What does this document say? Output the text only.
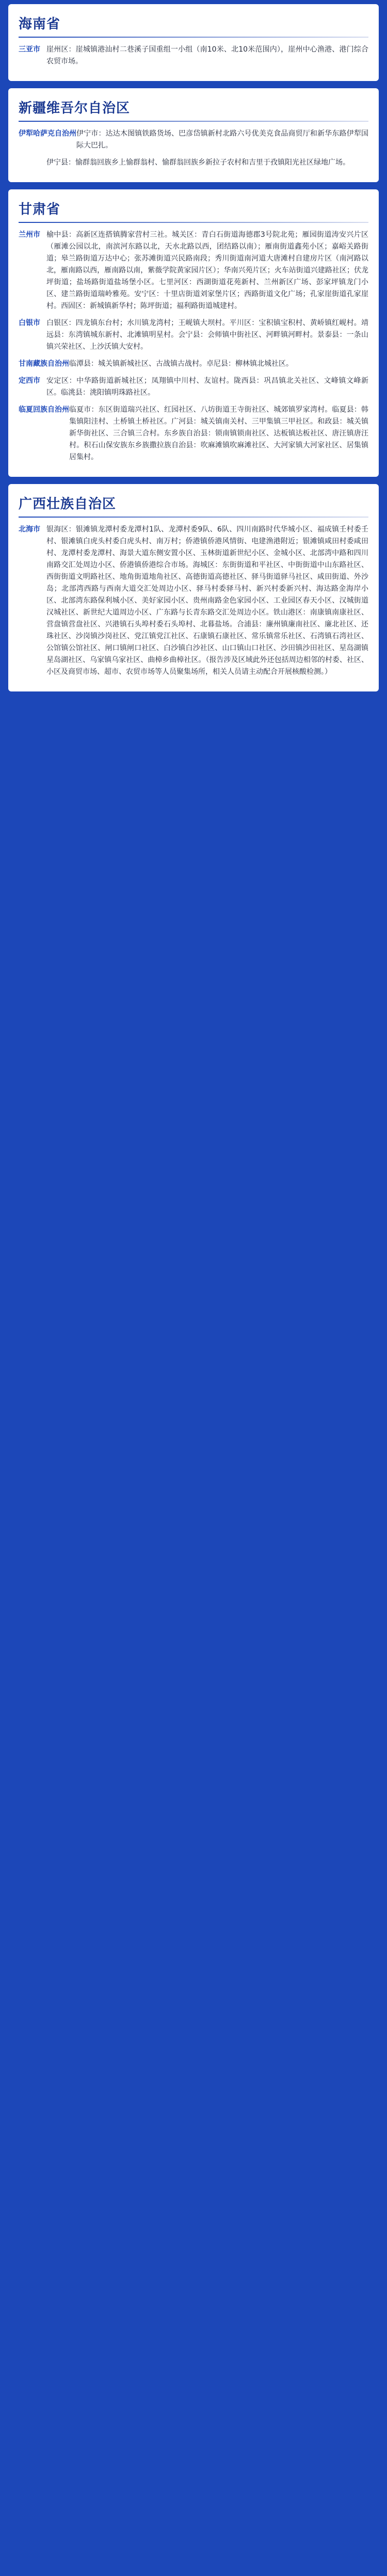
海南省
三亚市 崖州区：崖城镇港汕村二巷溪子国重组一小组（南10米、北10米范围内），崖州中心渔港、港门综合农贸市场。
新疆维吾尔自治区
伊犁哈萨克自治州 伊宁市：达达木图镇铁路货场、巴彦岱镇新村北路六号优美克食品商贸厅和新华东路伊犁国际大巴扎。
伊宁县：愉群翁回族乡上愉群翁村、愉群翁回族乡新拉子农村和吉里于孜镇阳光社区绿地广场。
甘肃省
兰州市 榆中县：高新区连搭镇腾家营村三社。城关区：青白石街道海德郡3号院北苑；雁园街道涛安兴片区（雁滩公园以北，南滨河东路以北，天水北路以西，团结路以南）；雁南街道鑫苑小区；嘉峪关路街道；皋兰路街道万达中心；张苏滩街道兴民路南段；秀川街道南河道大唐滩村自建房片区（南河路以北，雁南路以西，雁南路以南，紫薇学院黄家园片区）；华南兴苑片区；火车站街道兴建路社区；伏龙坪街道；盐场路街道盐场堡小区。七里河区：西湖街道花苑新村、兰州新区广场、彭家坪镇龙门小区、建兰路街道瑞岭雅苑。安宁区：十里店街道刘家堡片区；西路街道文化广场；孔家崖街道孔家崖村。西固区：新城镇新华村；陈坪街道；福利路街道城建村。
白银市 白银区：四龙镇东台村；水川镇龙湾村；王岘镇大坝村。平川区：宝积镇宝积村、黄峤镇红岘村。靖远县：东湾镇城东新村、北滩镇明星村。会宁县：会师镇中街社区、河畔镇河畔村。景泰县：一条山镇兴荣社区、上沙沃镇大安村。
甘南藏族自治州 临潭县：城关镇新城社区、古战镇古战村。卓尼县：柳林镇北城社区。
定西市 安定区：中华路街道新城社区；凤翔镇中川村、友谊村。陇西县：巩昌镇北关社区、文峰镇文峰新区。临洮县：洮阳镇明珠路社区。
临夏回族自治州 临夏市：东区街道瑞兴社区、红园社区、八坊街道王寺街社区、城郊镇罗家湾村。临夏县：韩集镇阳洼村、土桥镇土桥社区。广河县：城关镇南关村、三甲集镇三甲社区。和政县：城关镇新华街社区、三合镇三合村。东乡族自治县：锁南镇锁南社区、达板镇达板社区、唐汪镇唐汪村。积石山保安族东乡族撒拉族自治县：吹麻滩镇吹麻滩社区、大河家镇大河家社区、居集镇居集村。
广西壮族自治区
北海市 银海区：银滩镇龙潭村委龙潭村1队、龙潭村委9队、6队、四川南路时代华城小区、福成镇壬村委壬村、银滩镇白虎头村委白虎头村、南万村；侨港镇侨港风情街、电建渔港附近；银滩镇咸田村委咸田村、龙潭村委龙潭村、海景大道东侧安置小区、玉林街道新世纪小区、金城小区、北部湾中路和四川南路交汇处周边小区、侨港镇侨港综合市场。海城区：东街街道和平社区、中街街道中山东路社区、西街街道文明路社区、地角街道地角社区、高德街道高德社区、驿马街道驿马社区、咸田街道、外沙岛；北部湾西路与西南大道交汇处周边小区、驿马村委驿马村、新兴村委新兴村、海达路金海岸小区、北部湾东路保利城小区、美好家园小区、贵州南路金色家园小区、工业园区春天小区、汉城街道汉城社区、新世纪大道周边小区、广东路与长青东路交汇处周边小区。铁山港区：南康镇南康社区、营盘镇营盘社区、兴港镇石头埠村委石头埠村、北暮盐场。合浦县：廉州镇廉南社区、廉北社区、还珠社区、沙岗镇沙岗社区、党江镇党江社区、石康镇石康社区、常乐镇常乐社区、石湾镇石湾社区、公馆镇公馆社区、闸口镇闸口社区、白沙镇白沙社区、山口镇山口社区、沙田镇沙田社区、星岛湖镇星岛湖社区、乌家镇乌家社区、曲樟乡曲樟社区。（报告涉及区域此外还包括周边相邻的村委、社区、小区及商贸市场、超市、农贸市场等人员聚集场所，相关人员请主动配合开展核酸检测。）
